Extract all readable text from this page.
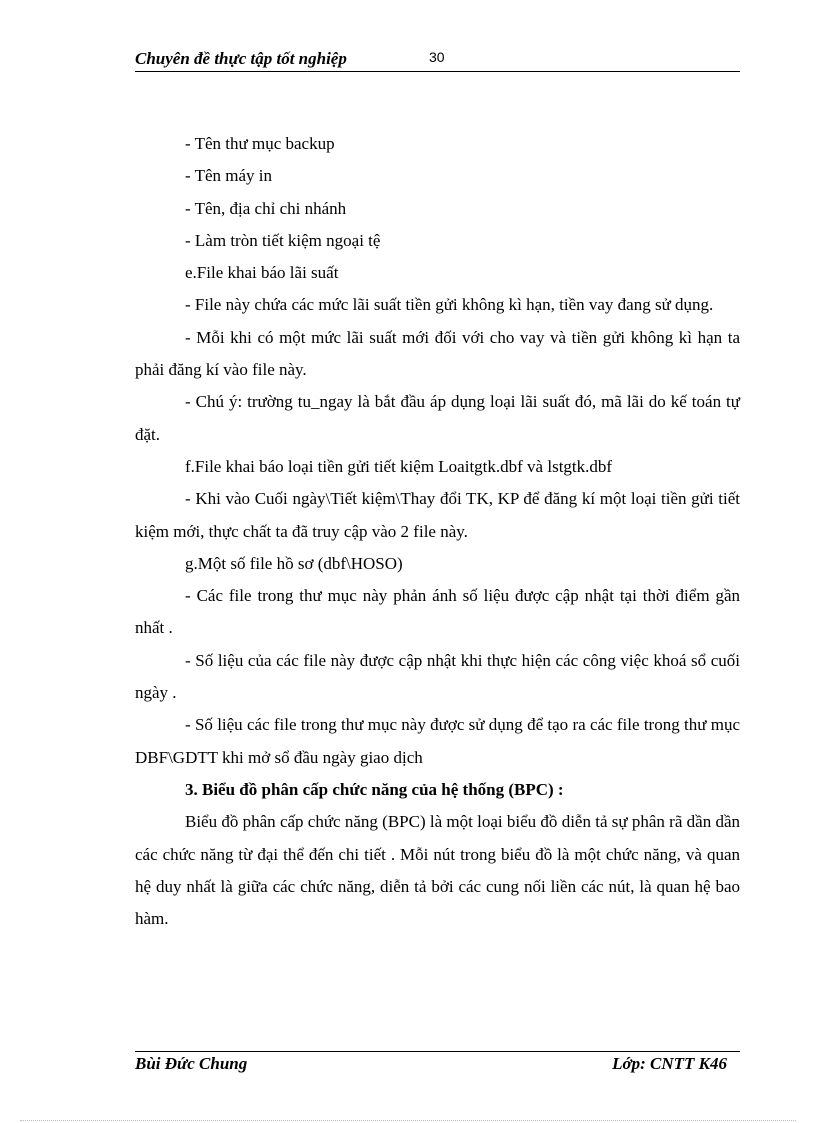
Chuyên đề thực tập tốt nghiệp	30

- Tên thư mục backup

- Tên máy in

- Tên, địa chỉ chi nhánh

- Làm tròn tiết kiệm ngoại tệ

e.File khai báo lãi suất

- File này chứa các mức lãi suất tiền gửi không kì hạn, tiền vay đang sử dụng.

- Mỗi khi có một mức lãi suất mới đối với cho vay và tiền gửi không kì hạn ta phải đăng kí vào file này.

- Chú ý: trường tu_ngay là bắt đầu áp dụng loại lãi suất đó, mã lãi do kế toán tự đặt.

f.File khai báo loại tiền gửi tiết kiệm Loaitgtk.dbf và lstgtk.dbf

- Khi vào Cuối ngày\Tiết kiệm\Thay đổi TK, KP để đăng kí một loại tiền gửi tiết kiệm mới, thực chất ta đã truy cập vào 2 file này.

g.Một số file hồ sơ (dbf\HOSO)

- Các file trong thư mục này phản ánh số liệu được cập nhật tại thời điểm gần nhất .

- Số liệu của các file này được cập nhật khi thực hiện các công việc khoá sổ cuối ngày .

- Số liệu các file trong thư mục này được sử dụng để tạo ra các file trong thư mục DBF\GDTT khi mở sổ đầu ngày giao dịch

3. Biểu đồ phân cấp chức năng của hệ thống (BPC) :

Biểu đồ phân cấp chức năng (BPC) là một loại biểu đồ diễn tả sự phân rã dần dần các chức năng từ đại thể đến chi tiết . Mỗi nút trong biểu đồ là một chức năng, và quan hệ duy nhất là giữa các chức năng, diễn tả bởi các cung nối liền các nút, là quan hệ bao hàm.

Bùi Đức Chung	Lớp: CNTT K46
